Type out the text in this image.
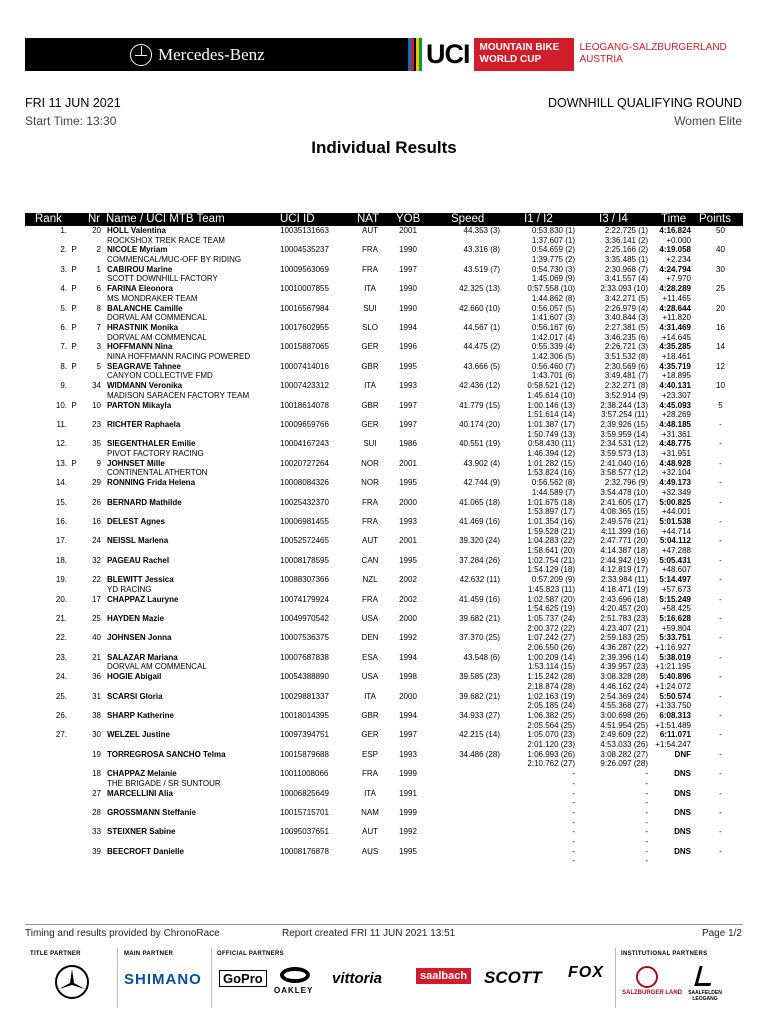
Mercedes-Benz	UCI	MOUNTAIN BIKE WORLD CUP
LEOGANG-SALZBURGERLAND
AUSTRIA
FRI 11 JUN 2021
Start Time: 13:30
DOWNHILL QUALIFYING ROUND
Women Elite
Individual Results
Rank Nr Name / UCI MTB Team	UCI ID	NAT YOB	Speed	I1 / I2	I3 / I4	Time Points
1.	20 HOLL Valentina	10035131663	AUT	2001	44.353 (3)	0:53.830 (1)	2:22.725 (1)	4:16.824	50
ROCKSHOX TREK RACE TEAM	1:37.607 (1)	3:36.141 (2)	+0.000
2. P	2 NICOLE Myriam	10004535237	FRA	1990	43.316 (8)	0:54.659 (2)	2:25.166 (2)	4:19.058	40
COMMENCAL/MUC-OFF BY RIDING	1:39.775 (2)	3:35.485 (1)	+2.234
3. P	1 CABIROU Marine	10009563069	FRA	1997	43.519 (7)	0:54.730 (3)	2:30.968 (7)	4:24.794	30
SCOTT DOWNHILL FACTORY	1:45.069 (9)	3:41.557 (4)	+7.970
4. P	6 FARINA Eleonora	10010007855	ITA	1990	42.325 (13)	0:57.558 (10)	2:33.093 (10)	4:28.289	25
MS MONDRAKER TEAM	1:44.862 (8)	3:42.271 (5)	+11.465
5. P	8 BALANCHE Camille	10016567984	SUI	1990	42.660 (10)	0:56.057 (5)	2:26.979 (4)	4:28.644	20
DORVAL AM COMMENCAL	1:41.607 (3)	3:40.844 (3)	+11.820
6. P	7 HRASTNIK Monika	10017602955	SLO	1994	44.567 (1)	0:56.167 (6)	2:27.381 (5)	4:31.469	16
DORVAL AM COMMENCAL	1:42.017 (4)	3:46.235 (6)	+14.645
7. P	3 HOFFMANN Nina	10015887065	GER	1996	44.475 (2)	0:55.339 (4)	2:26.721 (3)	4:35.285	14
NINA HOFFMANN RACING POWERED	1:42.306 (5)	3:51.532 (8)	+18.461
8. P	5 SEAGRAVE Tahnee	10007414016	GBR	1995	43.666 (5)	0:56.460 (7)	2:30.569 (6)	4:35.719	12
CANYON COLLECTIVE FMD	1:43.701 (6)	3:49.481 (7)	+18.895
9.	34 WIDMANN Veronika	10007423312	ITA	1993	42.436 (12)	0:58.521 (12)	2:32.271 (8)	4:40.131	10
MADISON SARACEN FACTORY TEAM	1:45.614 (10)	3:52.914 (9)	+23.307
10. P	10 PARTON Mikayla	10018614078	GBR	1997	41.779 (15)	1:00.146 (13)	2:38.244 (13)	4:45.093	5
1:51.614 (14)	3:57.254 (11)	+28.269
11.	23 RICHTER Raphaela	10009659766	GER	1997	40.174 (20)	1:01.387 (17)	2:39.926 (15)	4:48.185	-
1:50.749 (13)	3:59.959 (14)	+31.361
12.	35 SIEGENTHALER Emilie	10004167243	SUI	1986	40.551 (19)	0:58.430 (11)	2:34.531 (12)	4:48.775	-
PIVOT FACTORY RACING	1:46.394 (12)	3:59.573 (13)	+31.951
13. P	9 JOHNSET Mille	10020727264	NOR	2001	43.902 (4)	1:01.282 (15)	2:41.040 (16)	4:48.928	-
CONTINENTAL ATHERTON	1:53.824 (16)	3:58.577 (12)	+32.104
14.	29 RONNING Frida Helena	10008084326	NOR	1995	42.744 (9)	0:56.562 (8)	2:32.796 (9)	4:49.173	-
1:44.589 (7)	3:54.478 (10)	+32.349
15.	26 BERNARD Mathilde	10025432370	FRA	2000	41.065 (18)	1:01.675 (18)	2:41.605 (17)	5:00.825	-
1:53.897 (17)	4:08.365 (15)	+44.001
16.	16 DELEST Agnes	10006981455	FRA	1993	41.469 (16)	1:01.354 (16)	2:49.576 (21)	5:01.538	-
1:59.528 (21)	4:11.399 (16)	+44.714
17.	24 NEISSL Marlena	10052572465	AUT	2001	39.320 (24)	1:04.283 (22)	2:47.771 (20)	5:04.112	-
1:58.641 (20)	4:14.387 (18)	+47.288
18.	32 PAGEAU Rachel	10008178595	CAN	1995	37.284 (26)	1:02.754 (21)	2:44.942 (19)	5:05.431	-
1:54.129 (18)	4:12.819 (17)	+48.607
19.	22 BLEWITT Jessica	10088307366	NZL	2002	42.632 (11)	0:57.209 (9)	2:33.984 (11)	5:14.497	-
YD RACING	1:45.823 (11)	4:18.471 (19)	+57.673
20.	17 CHAPPAZ Lauryne	10074179924	FRA	2002	41.459 (16)	1:02.587 (20)	2:43.696 (18)	5:15.249	-
1:54.625 (19)	4:20.457 (20)	+58.425
21.	25 HAYDEN Mazie	10049970542	USA	2000	39.682 (21)	1:05.737 (24)	2:51.783 (23)	5:16.628	-
2:00.372 (22)	4:23.407 (21)	+59.804
22.	40 JOHNSEN Jonna	10007536375	DEN	1992	37.370 (25)	1:07.242 (27)	2:59.183 (25)	5:33.751	-
2:06.550 (26)	4:36.287 (22) +1:16.927
23.	21 SALAZAR Mariana	10007687838	ESA	1994	43.548 (6)	1:00.209 (14)	2:39.396 (14)	5:38.019	-
DORVAL AM COMMENCAL	1:53.114 (15)	4:39.957 (23) +1:21.195
24.	36 HOGIE Abigail	10054388890	USA	1998	39.585 (23)	1:15.242 (28)	3:08.328 (28)	5:40.896	-
2:18.874 (28)	4:46.162 (24) +1:24.072
25.	31 SCARSI Gloria	10029881337	ITA	2000	39.682 (21)	1:02.163 (19)	2:54.369 (24)	5:50.574	-
2:05.185 (24)	4:55.368 (27) +1:33.750
26.	38 SHARP Katherine	10018014395	GBR	1994	34.933 (27)	1:06.382 (25)	3:00.698 (26)	6:08.313	-
2:05.564 (25)	4:51.954 (25) +1:51.489
27.	30 WELZEL Justine	10097394751	GER	1997	42.215 (14)	1:05.070 (23)	2:49.609 (22)	6:11.071	-
2:01.120 (23)	4:53.033 (26) +1:54.247
19 TORREGROSA SANCHO Telma	10015879688	ESP	1993	34.486 (28)	1:06.993 (26)	3:08.282 (27)	DNF	-
2:10.762 (27)	9:26.097 (28)
18 CHAPPAZ Melanie	10011008066	FRA	1999	-	-	DNS	-
THE BRIGADE / SR SUNTOUR	-	-
27 MARCELLINI Alia	10006825649	ITA	1991	-	-	DNS	-
-	-
28 GROSSMANN Steffanie	10015715701	NAM	1999	-	-	DNS	-
-	-
33 STEIXNER Sabine	10095037651	AUT	1992	-	-	DNS	-
-	-
39 BEECROFT Danielle	10008176878	AUS	1995	-	-	DNS	-
-	-
Timing and results provided by ChronoRace	Report created FRI 11 JUN 2021 13:51	Page 1/2
TITLE PARTNER	MAIN PARTNER	OFFICIAL PARTNERS	INSTITUTIONAL PARTNERS
SHIMANO	GoPro
OAKLEY
vittoria	saalbach SCOTT FOX
SALZBURGER LAND	SAALFELDEN LEOGANG
